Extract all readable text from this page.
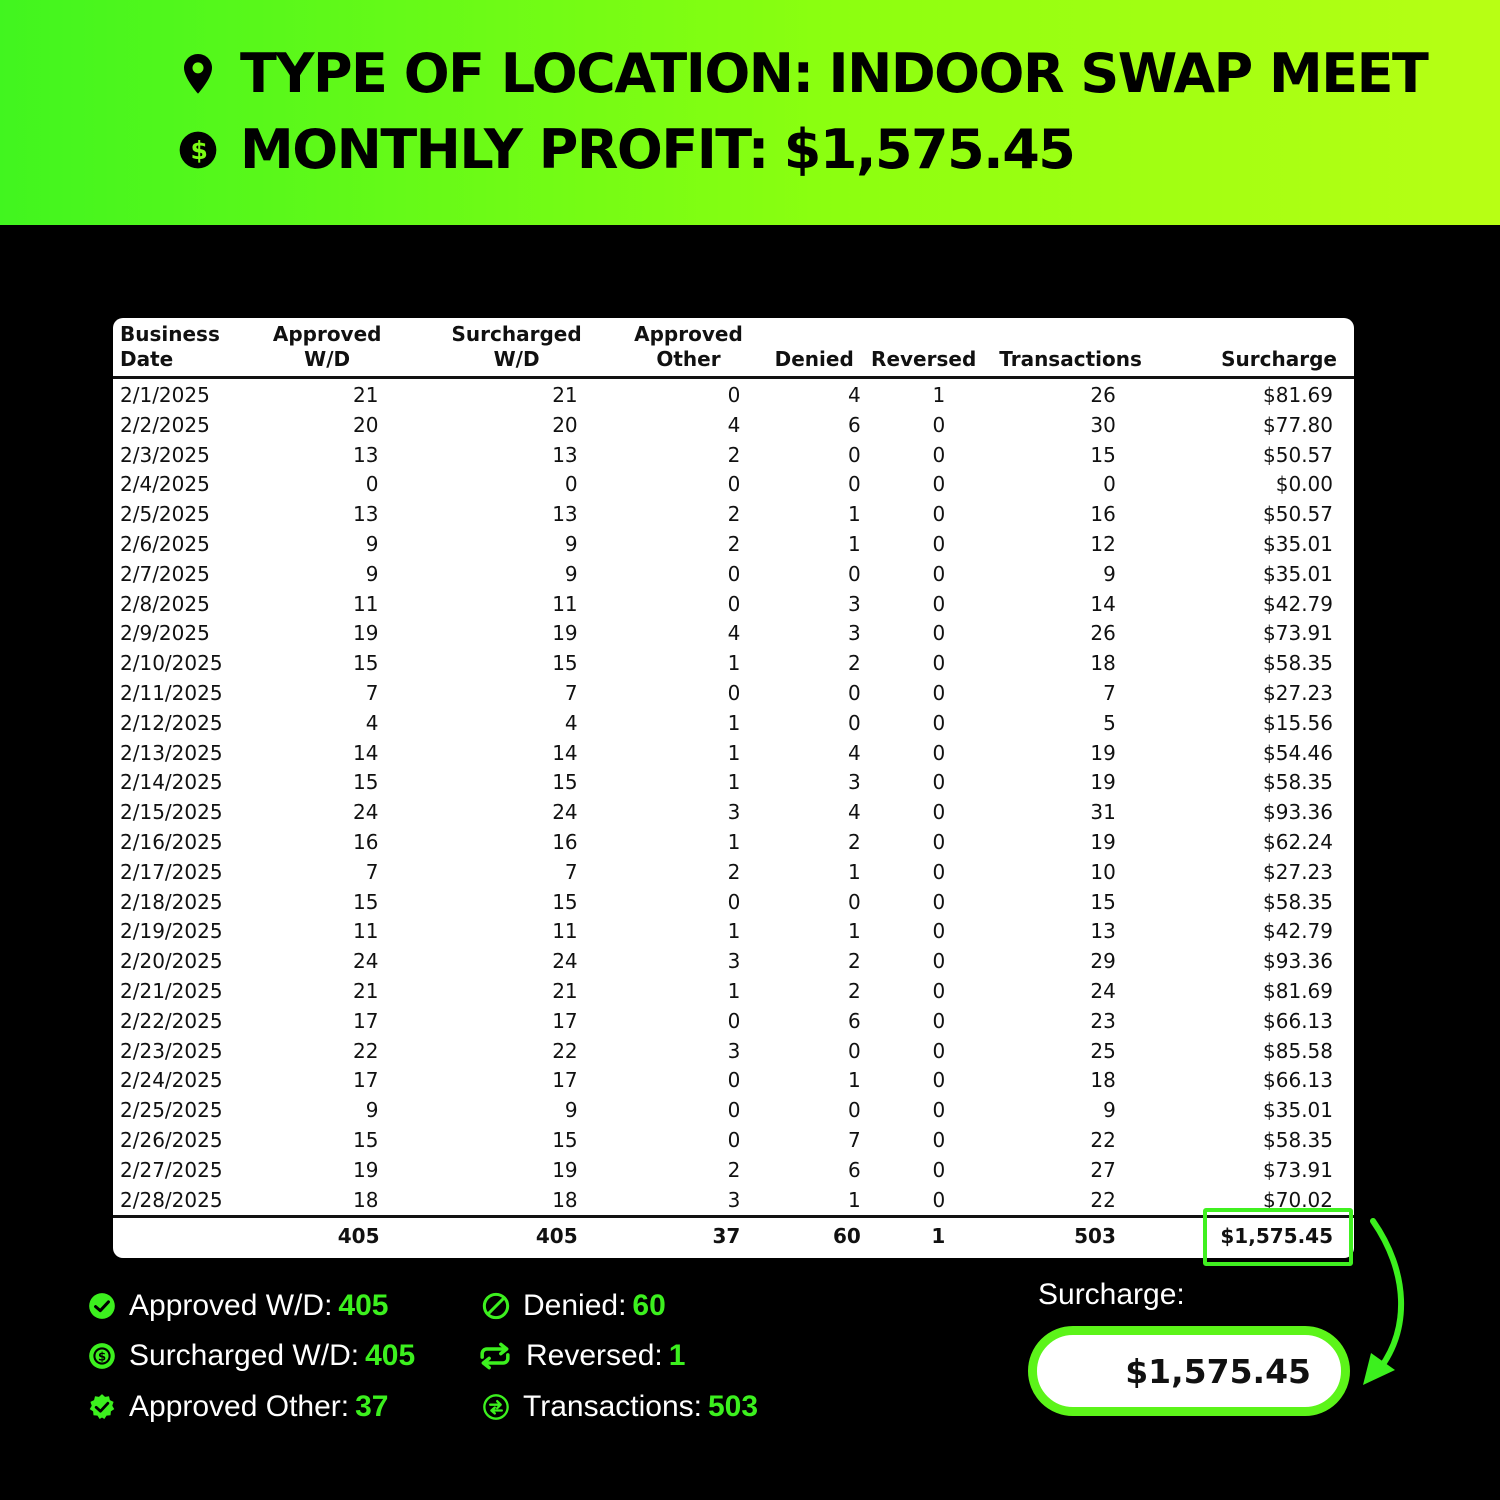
TYPE OF LOCATION: INDOOR SWAP MEET
$ MONTHLY PROFIT: $1,575.45
Business Date	Approved W/D	Surcharged W/D	Approved Other	Denied	Reversed	Transactions	Surcharge
2/1/2025	21	21	0	4	1	26	$81.69
2/2/2025	20	20	4	6	0	30	$77.80
2/3/2025	13	13	2	0	0	15	$50.57
2/4/2025	0	0	0	0	0	0	$0.00
2/5/2025	13	13	2	1	0	16	$50.57
2/6/2025	9	9	2	1	0	12	$35.01
2/7/2025	9	9	0	0	0	9	$35.01
2/8/2025	11	11	0	3	0	14	$42.79
2/9/2025	19	19	4	3	0	26	$73.91
2/10/2025	15	15	1	2	0	18	$58.35
2/11/2025	7	7	0	0	0	7	$27.23
2/12/2025	4	4	1	0	0	5	$15.56
2/13/2025	14	14	1	4	0	19	$54.46
2/14/2025	15	15	1	3	0	19	$58.35
2/15/2025	24	24	3	4	0	31	$93.36
2/16/2025	16	16	1	2	0	19	$62.24
2/17/2025	7	7	2	1	0	10	$27.23
2/18/2025	15	15	0	0	0	15	$58.35
2/19/2025	11	11	1	1	0	13	$42.79
2/20/2025	24	24	3	2	0	29	$93.36
2/21/2025	21	21	1	2	0	24	$81.69
2/22/2025	17	17	0	6	0	23	$66.13
2/23/2025	22	22	3	0	0	25	$85.58
2/24/2025	17	17	0	1	0	18	$66.13
2/25/2025	9	9	0	0	0	9	$35.01
2/26/2025	15	15	0	7	0	22	$58.35
2/27/2025	19	19	2	6	0	27	$73.91
2/28/2025	18	18	3	1	0	22	$70.02
	405	405	37	60	1	503	$1,575.45
Approved W/D: 405
$ Surcharged W/D: 405
Approved Other: 37
Denied: 60
Reversed: 1
Transactions: 503
Surcharge:
$1,575.45
